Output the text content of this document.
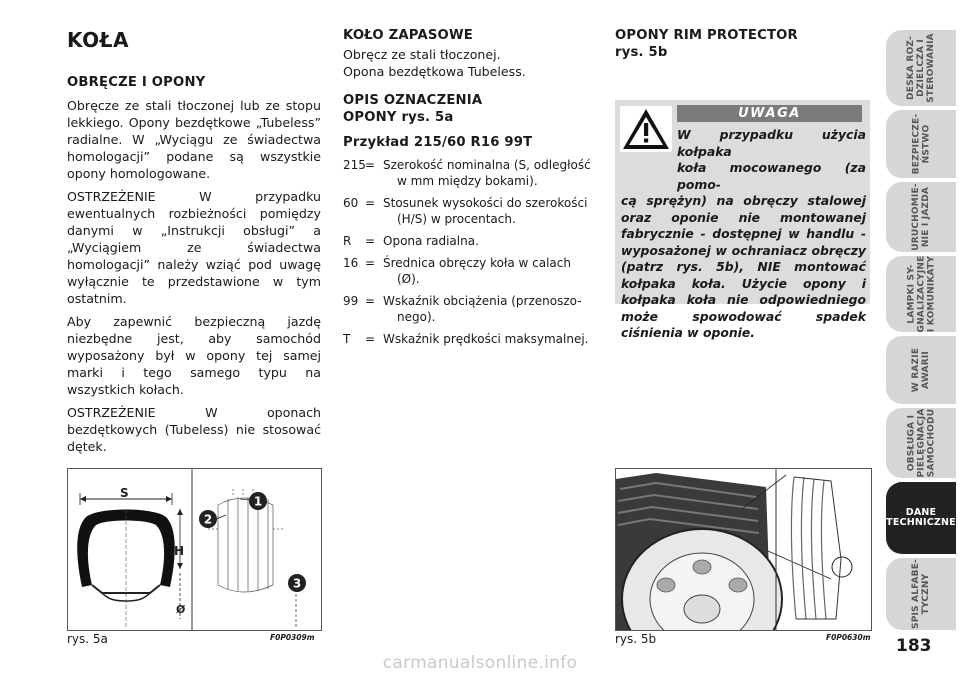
KOŁA
OBRĘCZE I OPONY

Obręcze ze stali tłoczonej lub ze stopu lekkiego. Opony bezdętkowe „Tubeless” radialne. W „Wyciągu ze świadectwa homologacji” podane są wszystkie opony homologowane.

OSTRZEŻENIE W przypadku ewentualnych rozbieżności pomiędzy danymi w „Instrukcji obsługi” a „Wyciągiem ze świadectwa homologacji” należy wziąć pod uwagę wyłącznie te przedstawione w tym ostatnim.

Aby zapewnić bezpieczną jazdę niezbędne jest, aby samochód wyposażony był w opony tej samej marki i tego samego typu na wszystkich kołach.

OSTRZEŻENIE W oponach bezdętkowych (Tubeless) nie stosować dętek.

KOŁO ZAPASOWE
Obręcz ze stali tłoczonej.
Opona bezdętkowa Tubeless.
OPIS OZNACZENIA
OPONY rys. 5a
Przykład 215/60 R16 99T
215 = Szerokość nominalna (S, odległość
w mm między bokami).
60 = Stosunek wysokości do szerokości
(H/S) w procentach.
R	= Opona radialna.
16 = Średnica obręczy koła w calach
(Ø).
99 = Wskaźnik obciążenia (przenoszo-
nego).
T	= Wskaźnik prędkości maksymalnej.
OPONY RIM PROTECTOR
rys. 5b
UWAGA
W przypadku użycia kołpaka
koła mocowanego (za pomo-
cą sprężyn) na obręczy stalowej oraz oponie nie montowanej fabrycznie - dostępnej w handlu - wyposażonej w ochraniacz obręczy (patrz rys. 5b), NIE montować kołpaka koła. Użycie opony i kołpaka koła nie odpowiedniego może spowodować spadek ciśnienia w oponie.
S
H
Ø
1
2
3
rys. 5a	F0P0309m	rys. 5b	F0P0630m
DESKA ROZ-
DZIELCZA I
STEROWANIA
BEZPIECZE-
ŃSTWO
URUCHOMIE-
NIE I JAZDA
LAMPKI SY-
GNALIZACYJNE
I KOMUNIKATY
W RAZIE
AWARII
OBSŁUGA I
PIELĘGNACJA
SAMOCHODU
DANE
TECHNICZNE
SPIS ALFABE-
TYCZNY
183
carmanualsonline.info
